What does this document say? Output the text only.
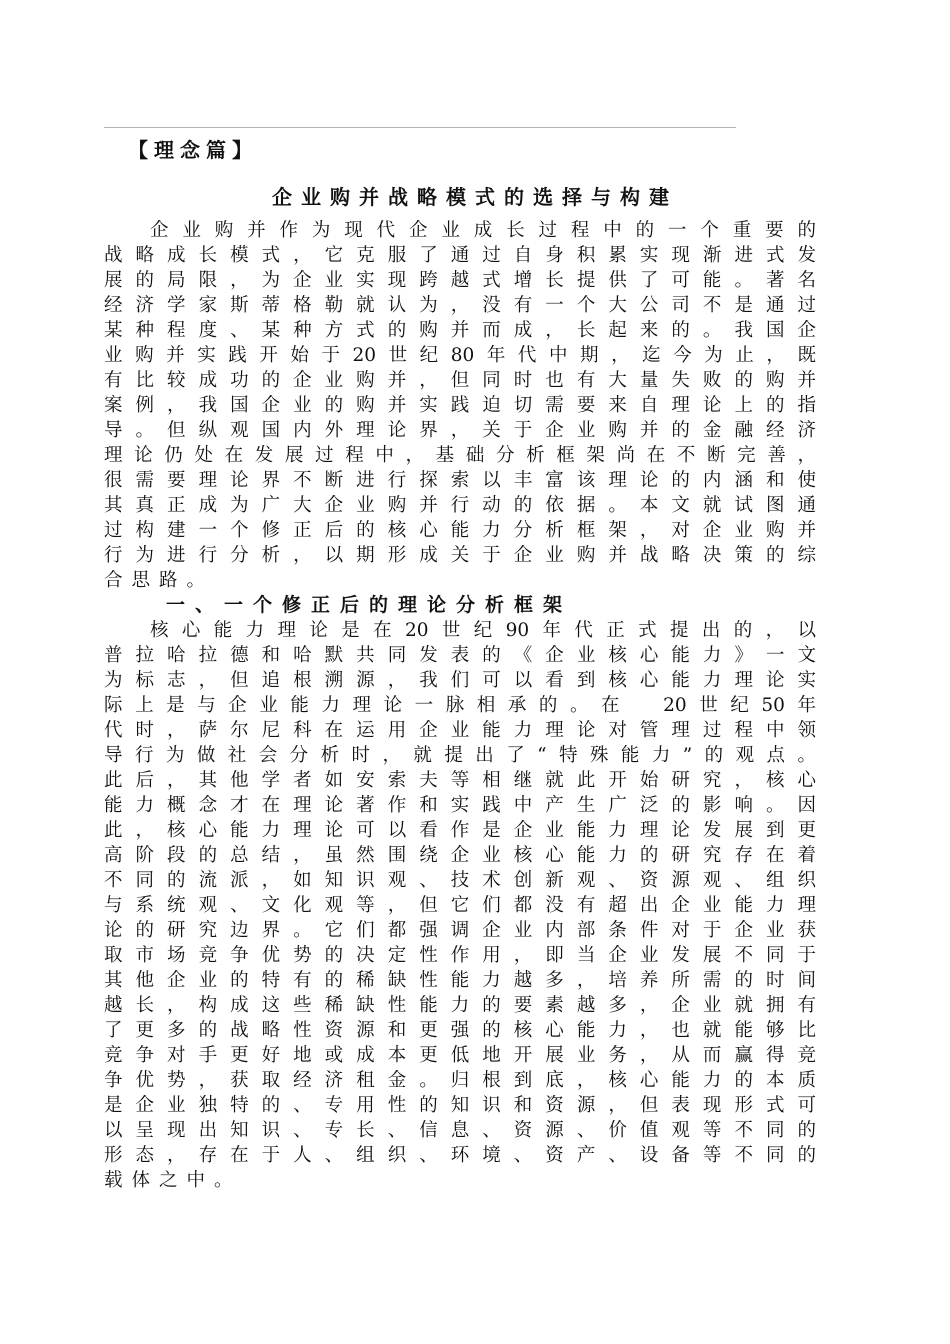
【理念篇】
企业购并战略模式的选择与构建
企业购并作为现代企业成长过程中的一个重要的
战略成长模式，它克服了通过自身积累实现渐进式发
展的局限，为企业实现跨越式增长提供了可能。著名
经济学家斯蒂格勒就认为，没有一个大公司不是通过
某种程度、某种方式的购并而成，长起来的。我国企
业购并实践开始于20世纪80年代中期，迄今为止，既
有比较成功的企业购并，但同时也有大量失败的购并
案例，我国企业的购并实践迫切需要来自理论上的指
导。但纵观国内外理论界，关于企业购并的金融经济
理论仍处在发展过程中，基础分析框架尚在不断完善，
很需要理论界不断进行探索以丰富该理论的内涵和使
其真正成为广大企业购并行动的依据。本文就试图通
过构建一个修正后的核心能力分析框架，对企业购并
行为进行分析，以期形成关于企业购并战略决策的综
合思路。
一、一个修正后的理论分析框架
核心能力理论是在20世纪90年代正式提出的，以
普拉哈拉德和哈默共同发表的《企业核心能力》一文
为标志，但追根溯源，我们可以看到核心能力理论实
际上是与企业能力理论一脉相承的。在　20世纪50年
代时，萨尔尼科在运用企业能力理论对管理过程中领
导行为做社会分析时，就提出了“特殊能力”的观点。
此后，其他学者如安索夫等相继就此开始研究，核心
能力概念才在理论著作和实践中产生广泛的影响。因
此，核心能力理论可以看作是企业能力理论发展到更
高阶段的总结，虽然围绕企业核心能力的研究存在着
不同的流派，如知识观、技术创新观、资源观、组织
与系统观、文化观等，但它们都没有超出企业能力理
论的研究边界。它们都强调企业内部条件对于企业获
取市场竞争优势的决定性作用，即当企业发展不同于
其他企业的特有的稀缺性能力越多，培养所需的时间
越长，构成这些稀缺性能力的要素越多，企业就拥有
了更多的战略性资源和更强的核心能力，也就能够比
竞争对手更好地或成本更低地开展业务，从而赢得竞
争优势，获取经济租金。归根到底，核心能力的本质
是企业独特的、专用性的知识和资源，但表现形式可
以呈现出知识、专长、信息、资源、价值观等不同的
形态，存在于人、组织、环境、资产、设备等不同的
载体之中。
